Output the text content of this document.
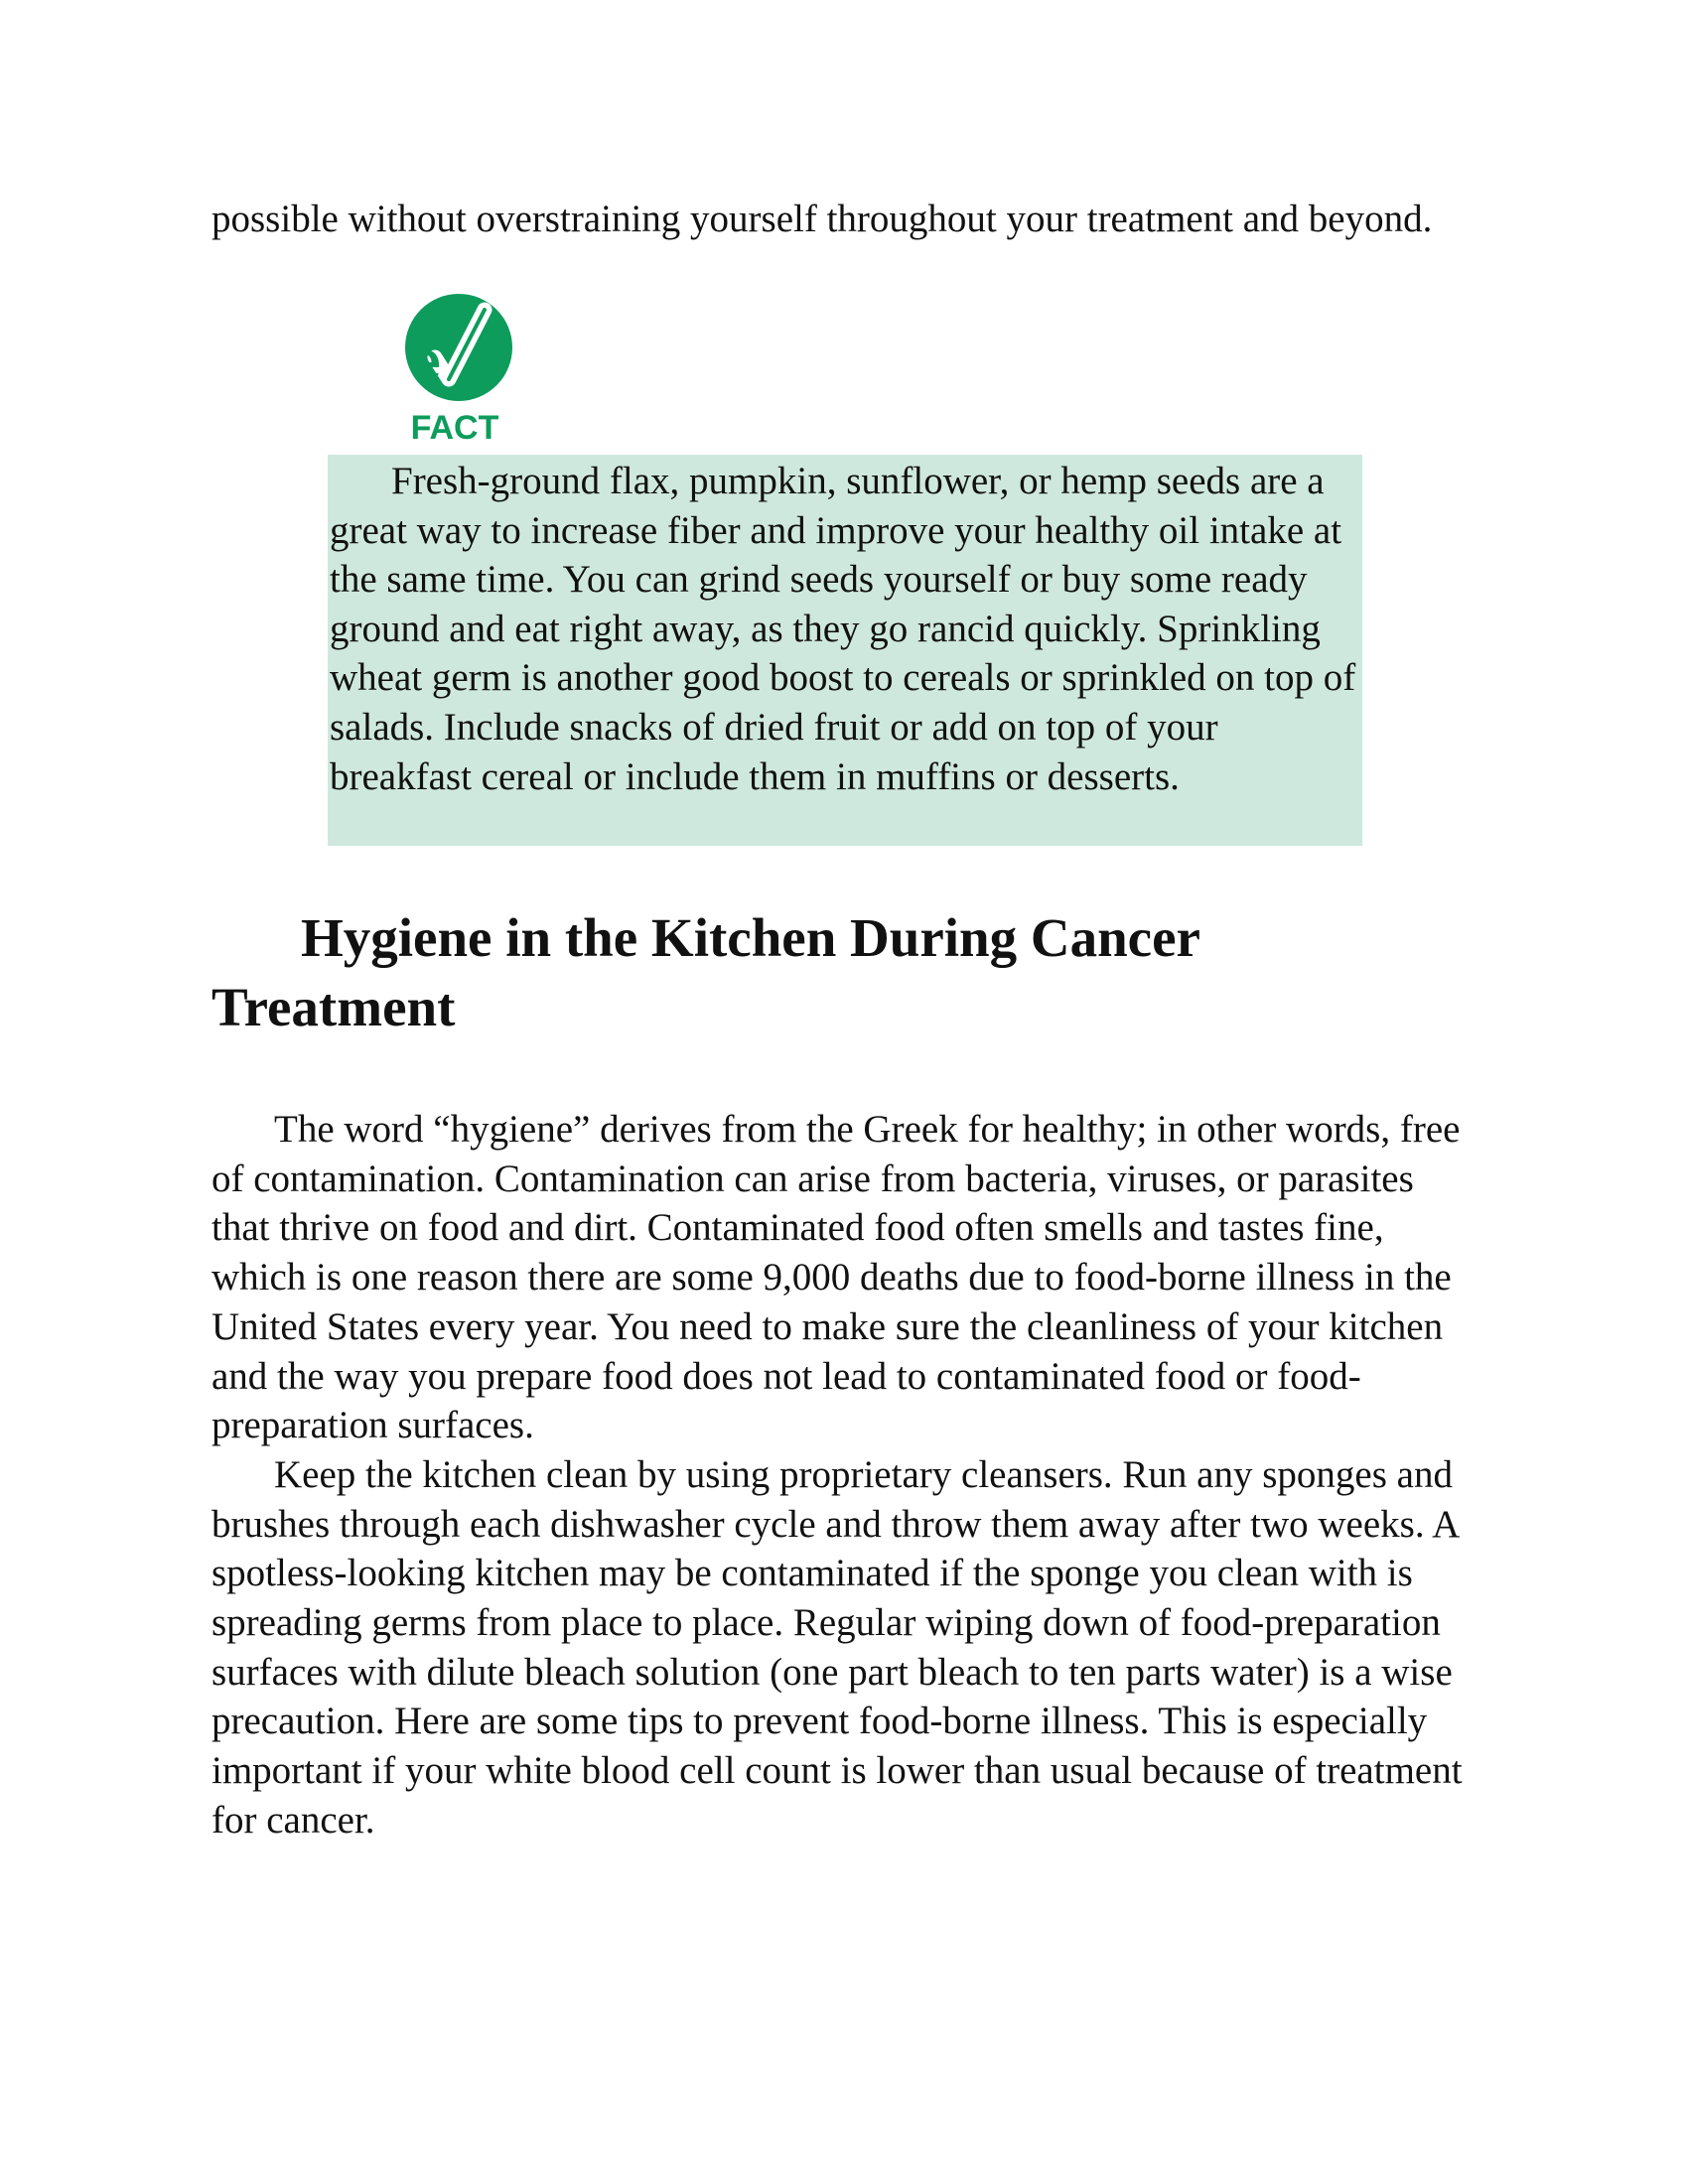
possible without overstraining yourself throughout your treatment and beyond.

e
FACT

Fresh-ground flax, pumpkin, sunflower, or hemp seeds are a great way to increase fiber and improve your healthy oil intake at the same time. You can grind seeds yourself or buy some ready ground and eat right away, as they go rancid quickly. Sprinkling wheat germ is another good boost to cereals or sprinkled on top of salads. Include snacks of dried fruit or add on top of your breakfast cereal or include them in muffins or desserts.

Hygiene in the Kitchen During Cancer Treatment

The word “hygiene” derives from the Greek for healthy; in other words, free of contamination. Contamination can arise from bacteria, viruses, or parasites that thrive on food and dirt. Contaminated food often smells and tastes fine, which is one reason there are some 9,000 deaths due to food-borne illness in the United States every year. You need to make sure the cleanliness of your kitchen and the way you prepare food does not lead to contaminated food or food-preparation surfaces.

Keep the kitchen clean by using proprietary cleansers. Run any sponges and brushes through each dishwasher cycle and throw them away after two weeks. A spotless-looking kitchen may be contaminated if the sponge you clean with is spreading germs from place to place. Regular wiping down of food-preparation surfaces with dilute bleach solution (one part bleach to ten parts water) is a wise precaution. Here are some tips to prevent food-borne illness. This is especially important if your white blood cell count is lower than usual because of treatment for cancer.
